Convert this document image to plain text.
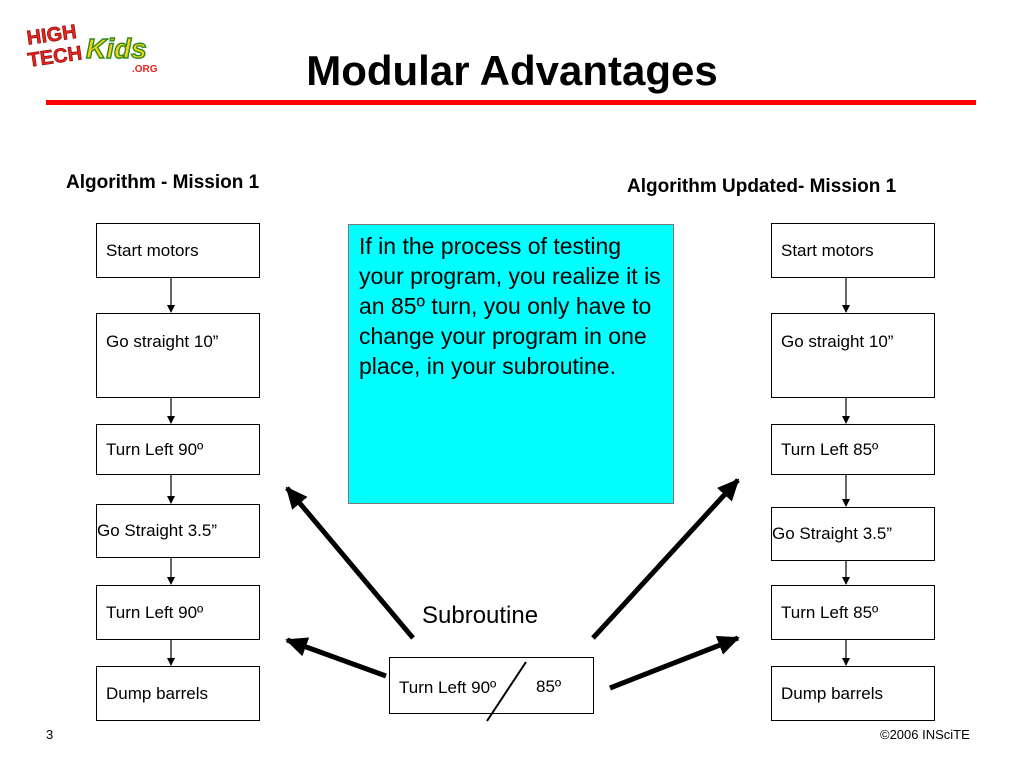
HIGH
TECH Kids
.ORG	Modular Advantages
Algorithm - Mission 1	Algorithm Updated- Mission 1
Start motors
Go straight 10”
Turn Left 90º
Go Straight 3.5”
Turn Left 90º
Dump barrels
Start motors
Go straight 10”
Turn Left 85º
Go Straight 3.5”
Turn Left 85º
Dump barrels
If in the process of testing your program, you realize it is an 85º turn, you only have to change your program in one place, in your subroutine.
Subroutine
Turn Left 90º 85º
3	©2006 INSciTE
